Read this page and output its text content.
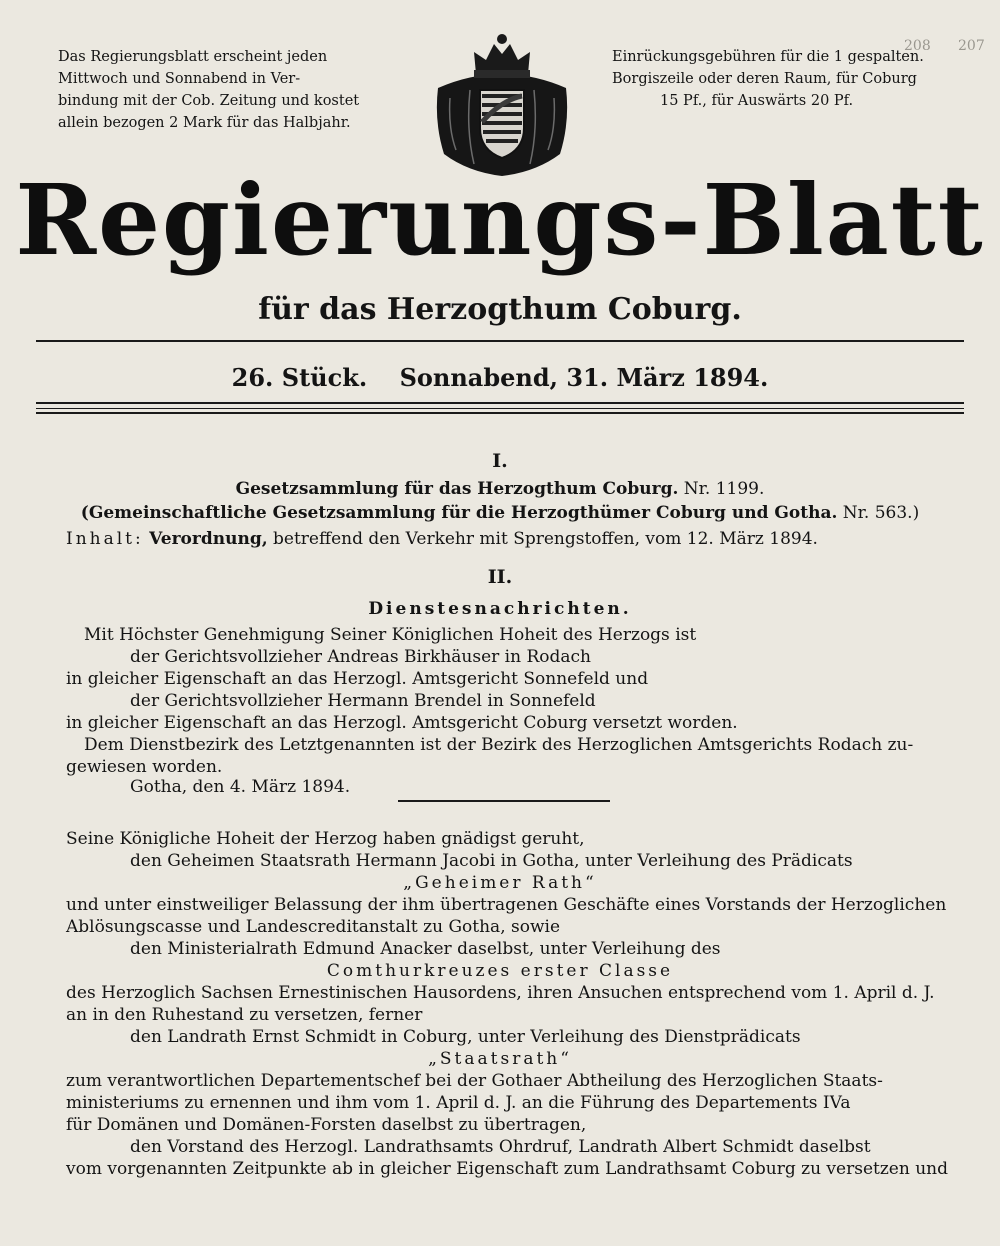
208 207
Das Regierungsblatt erscheint jeden
Mittwoch und Sonnabend in Ver-
bindung mit der Cob. Zeitung und kostet
allein bezogen 2 Mark für das Halbjahr.
Einrückungsgebühren für die 1 gespalten.
Borgiszeile oder deren Raum, für Coburg
15 Pf., für Auswärts 20 Pf.
Regierungs-Blatt
für das Herzogthum Coburg.
26. Stück. Sonnabend, 31. März 1894.
I.
Gesetzsammlung für das Herzogthum Coburg. Nr. 1199.
(Gemeinschaftliche Gesetzsammlung für die Herzogthümer Coburg und Gotha. Nr. 563.)
Inhalt: Verordnung, betreffend den Verkehr mit Sprengstoffen, vom 12. März 1894.
II.
Dienstesnachrichten.
Mit Höchster Genehmigung Seiner Königlichen Hoheit des Herzogs ist
der Gerichtsvollzieher Andreas Birkhäuser in Rodach
in gleicher Eigenschaft an das Herzogl. Amtsgericht Sonnefeld und
der Gerichtsvollzieher Hermann Brendel in Sonnefeld
in gleicher Eigenschaft an das Herzogl. Amtsgericht Coburg versetzt worden.
Dem Dienstbezirk des Letztgenannten ist der Bezirk des Herzoglichen Amtsgerichts Rodach zu-
gewiesen worden.
Gotha, den 4. März 1894.
Seine Königliche Hoheit der Herzog haben gnädigst geruht,
den Geheimen Staatsrath Hermann Jacobi in Gotha, unter Verleihung des Prädicats
„Geheimer Rath“
und unter einstweiliger Belassung der ihm übertragenen Geschäfte eines Vorstands der Herzoglichen
Ablösungscasse und Landescreditanstalt zu Gotha, sowie
den Ministerialrath Edmund Anacker daselbst, unter Verleihung des
Comthurkreuzes erster Classe
des Herzoglich Sachsen Ernestinischen Hausordens, ihren Ansuchen entsprechend vom 1. April d. J.
an in den Ruhestand zu versetzen, ferner
den Landrath Ernst Schmidt in Coburg, unter Verleihung des Dienstprädicats
„Staatsrath“
zum verantwortlichen Departementschef bei der Gothaer Abtheilung des Herzoglichen Staats-
ministeriums zu ernennen und ihm vom 1. April d. J. an die Führung des Departements IVa
für Domänen und Domänen-Forsten daselbst zu übertragen,
den Vorstand des Herzogl. Landrathsamts Ohrdruf, Landrath Albert Schmidt daselbst
vom vorgenannten Zeitpunkte ab in gleicher Eigenschaft zum Landrathsamt Coburg zu versetzen und
